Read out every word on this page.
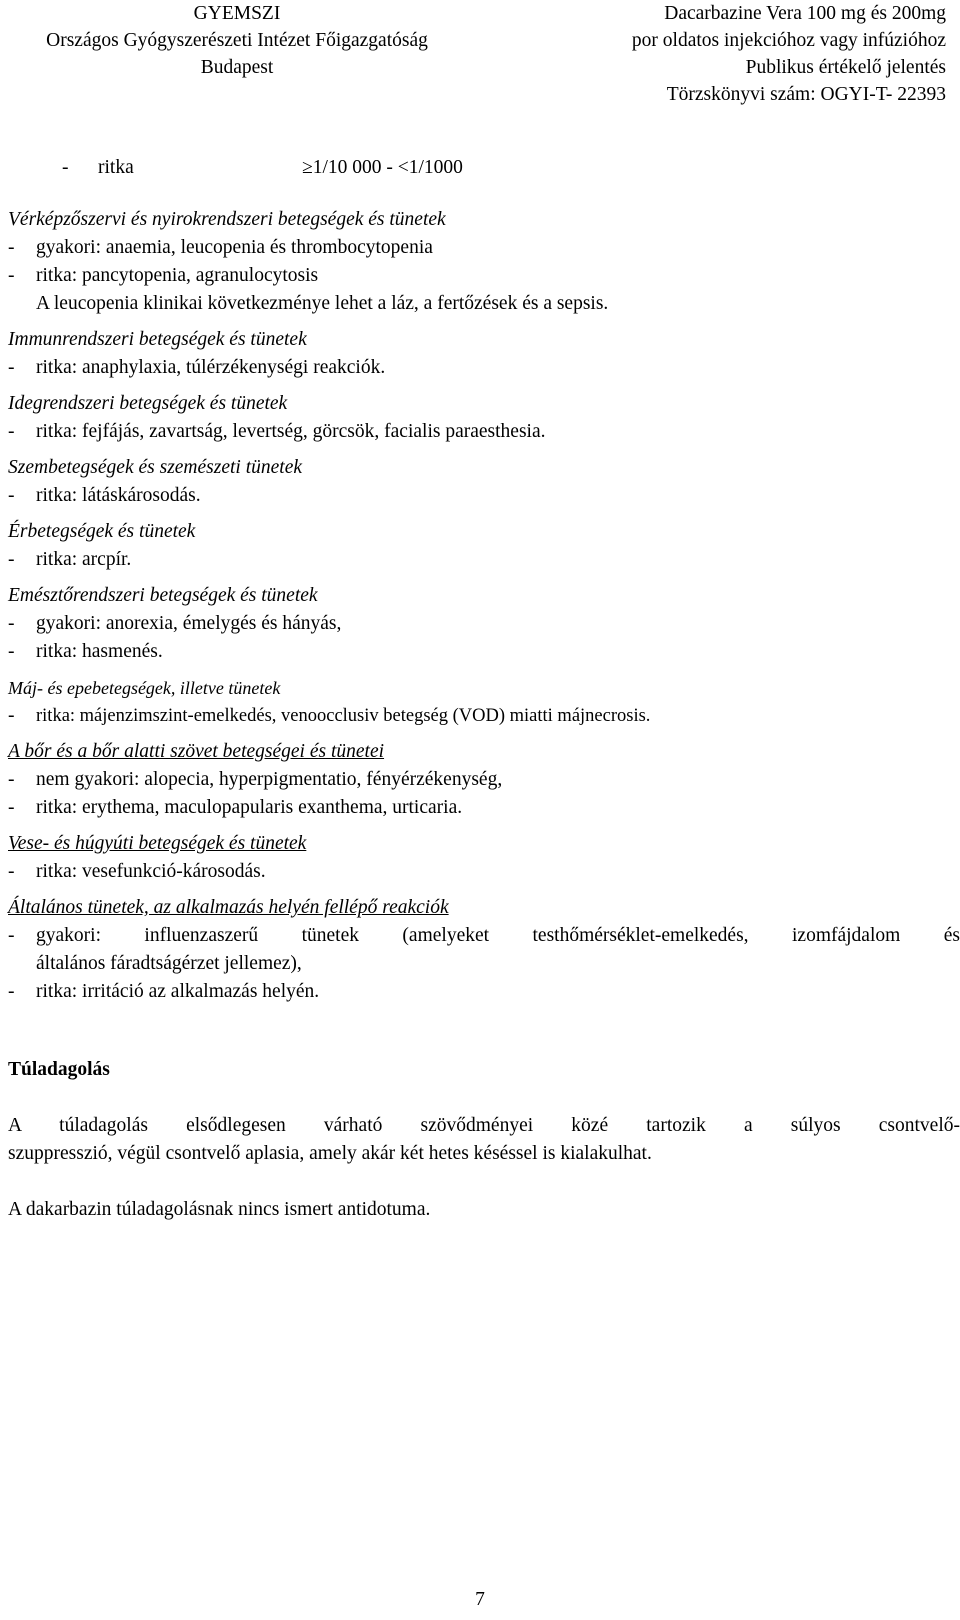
GYEMSZI
Országos Gyógyszerészeti Intézet Főigazgatóság
Budapest
Dacarbazine Vera 100 mg és 200mg
por oldatos injekcióhoz vagy infúzióhoz
Publikus értékelő jelentés
Törzskönyvi szám: OGYI-T- 22393
- ritka	≥1/10 000 - <1/1000
Vérképzőszervi és nyirokrendszeri betegségek és tünetek
-	gyakori: anaemia, leucopenia és thrombocytopenia
-	ritka: pancytopenia, agranulocytosis
A leucopenia klinikai következménye lehet a láz, a fertőzések és a sepsis.
Immunrendszeri betegségek és tünetek
-	ritka: anaphylaxia, túlérzékenységi reakciók.
Idegrendszeri betegségek és tünetek
-	ritka: fejfájás, zavartság, levertség, görcsök, facialis paraesthesia.
Szembetegségek és szemészeti tünetek
-	ritka: látáskárosodás.
Érbetegségek és tünetek
-	ritka: arcpír.
Emésztőrendszeri betegségek és tünetek
-	gyakori: anorexia, émelygés és hányás,
-	ritka: hasmenés.
Máj- és epebetegségek, illetve tünetek
-	ritka: májenzimszint-emelkedés, venoocclusiv betegség (VOD) miatti májnecrosis.
A bőr és a bőr alatti szövet betegségei és tünetei
-	nem gyakori: alopecia, hyperpigmentatio, fényérzékenység,
-	ritka: erythema, maculopapularis exanthema, urticaria.
Vese- és húgyúti betegségek és tünetek
-	ritka: vesefunkció-károsodás.
Általános tünetek, az alkalmazás helyén fellépő reakciók
-	gyakori: influenzaszerű tünetek (amelyeket testhőmérséklet-emelkedés, izomfájdalom és
általános fáradtságérzet jellemez),
-	ritka: irritáció az alkalmazás helyén.
Túladagolás
A túladagolás elsődlegesen várható szövődményei közé tartozik a súlyos csontvelő-
szuppresszió, végül csontvelő aplasia, amely akár két hetes késéssel is kialakulhat.
A dakarbazin túladagolásnak nincs ismert antidotuma.
7
